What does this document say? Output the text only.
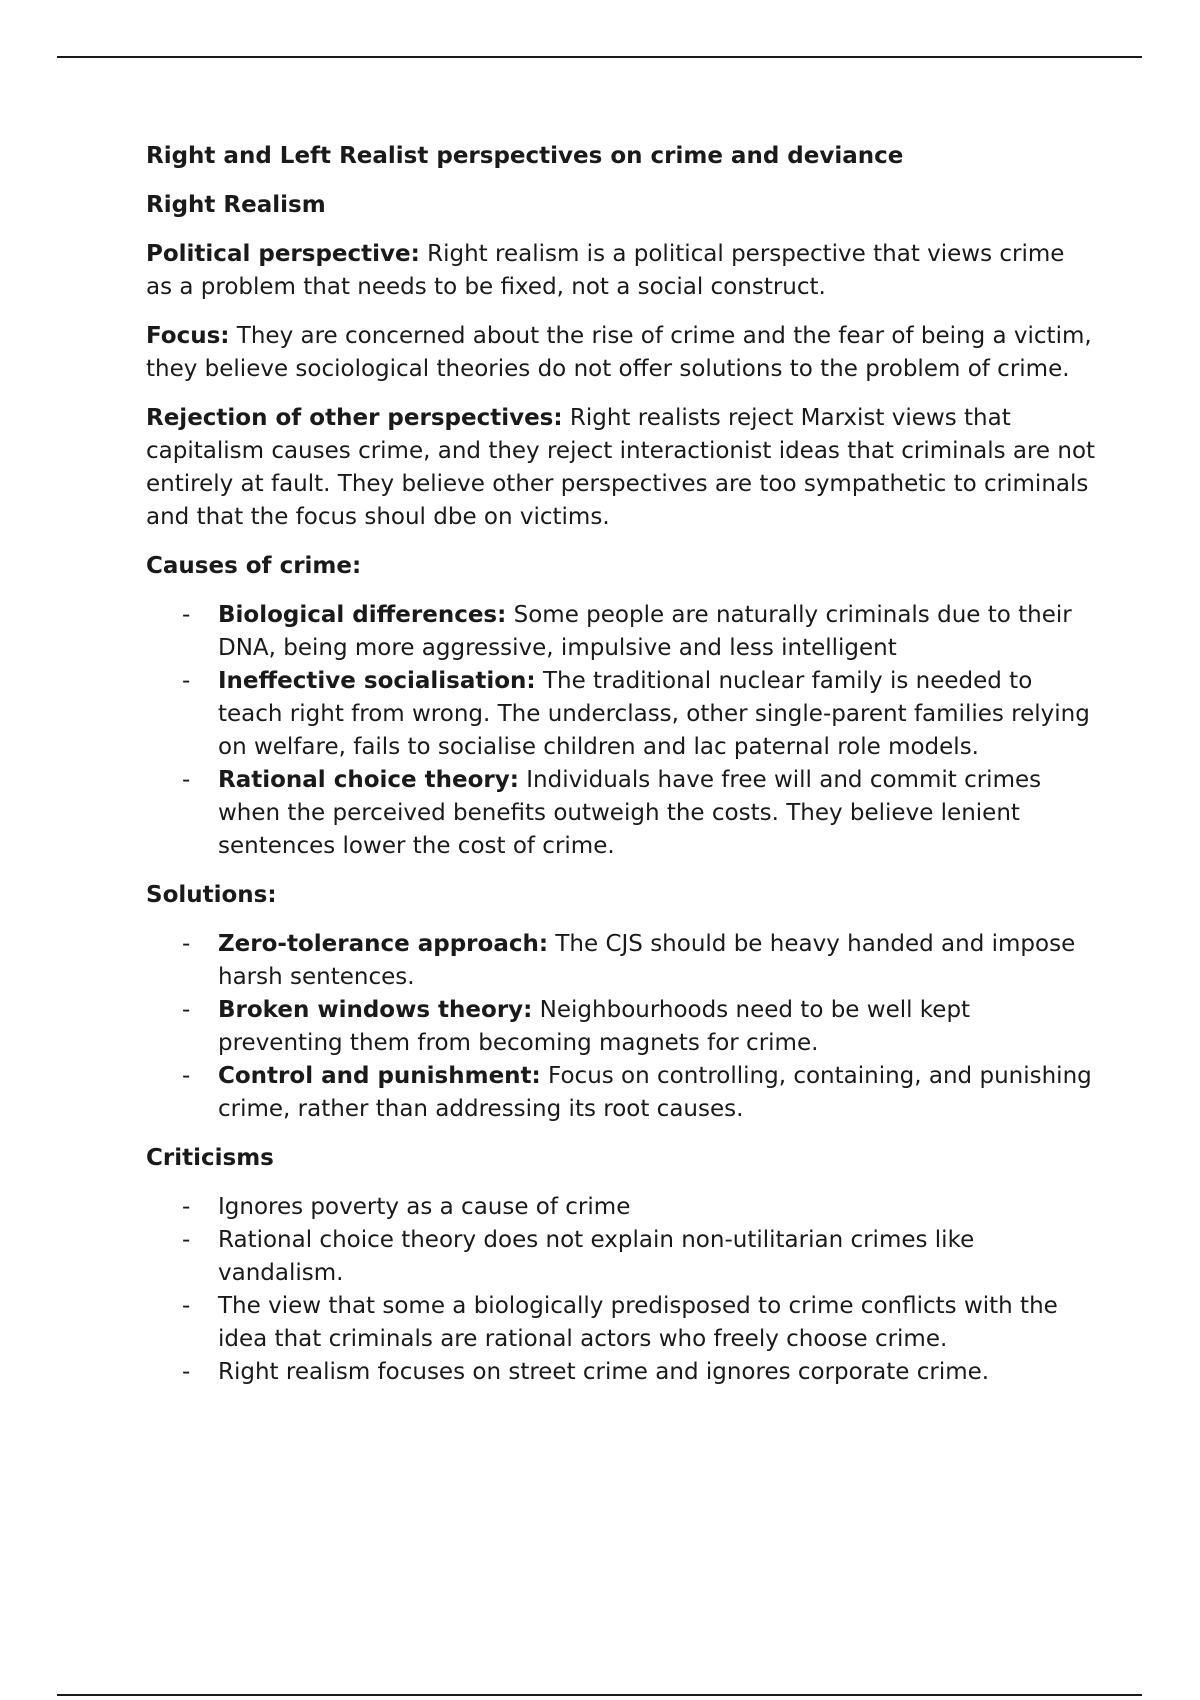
Right and Left Realist perspectives on crime and deviance
Right Realism

Political perspective: Right realism is a political perspective that views crime as a problem that needs to be fixed, not a social construct.

Focus: They are concerned about the rise of crime and the fear of being a victim, they believe sociological theories do not offer solutions to the problem of crime.

Rejection of other perspectives: Right realists reject Marxist views that capitalism causes crime, and they reject interactionist ideas that criminals are not entirely at fault. They believe other perspectives are too sympathetic to criminals and that the focus shoul dbe on victims.

Causes of crime:
- Biological differences: Some people are naturally criminals due to their DNA, being more aggressive, impulsive and less intelligent
- Ineffective socialisation: The traditional nuclear family is needed to teach right from wrong. The underclass, other single-parent families relying on welfare, fails to socialise children and lac paternal role models.
- Rational choice theory: Individuals have free will and commit crimes when the perceived benefits outweigh the costs. They believe lenient sentences lower the cost of crime.
Solutions:
- Zero-tolerance approach: The CJS should be heavy handed and impose harsh sentences.
- Broken windows theory: Neighbourhoods need to be well kept preventing them from becoming magnets for crime.
- Control and punishment: Focus on controlling, containing, and punishing crime, rather than addressing its root causes.
Criticisms
- Ignores poverty as a cause of crime
- Rational choice theory does not explain non-utilitarian crimes like vandalism.
- The view that some a biologically predisposed to crime conflicts with the idea that criminals are rational actors who freely choose crime.
- Right realism focuses on street crime and ignores corporate crime.
